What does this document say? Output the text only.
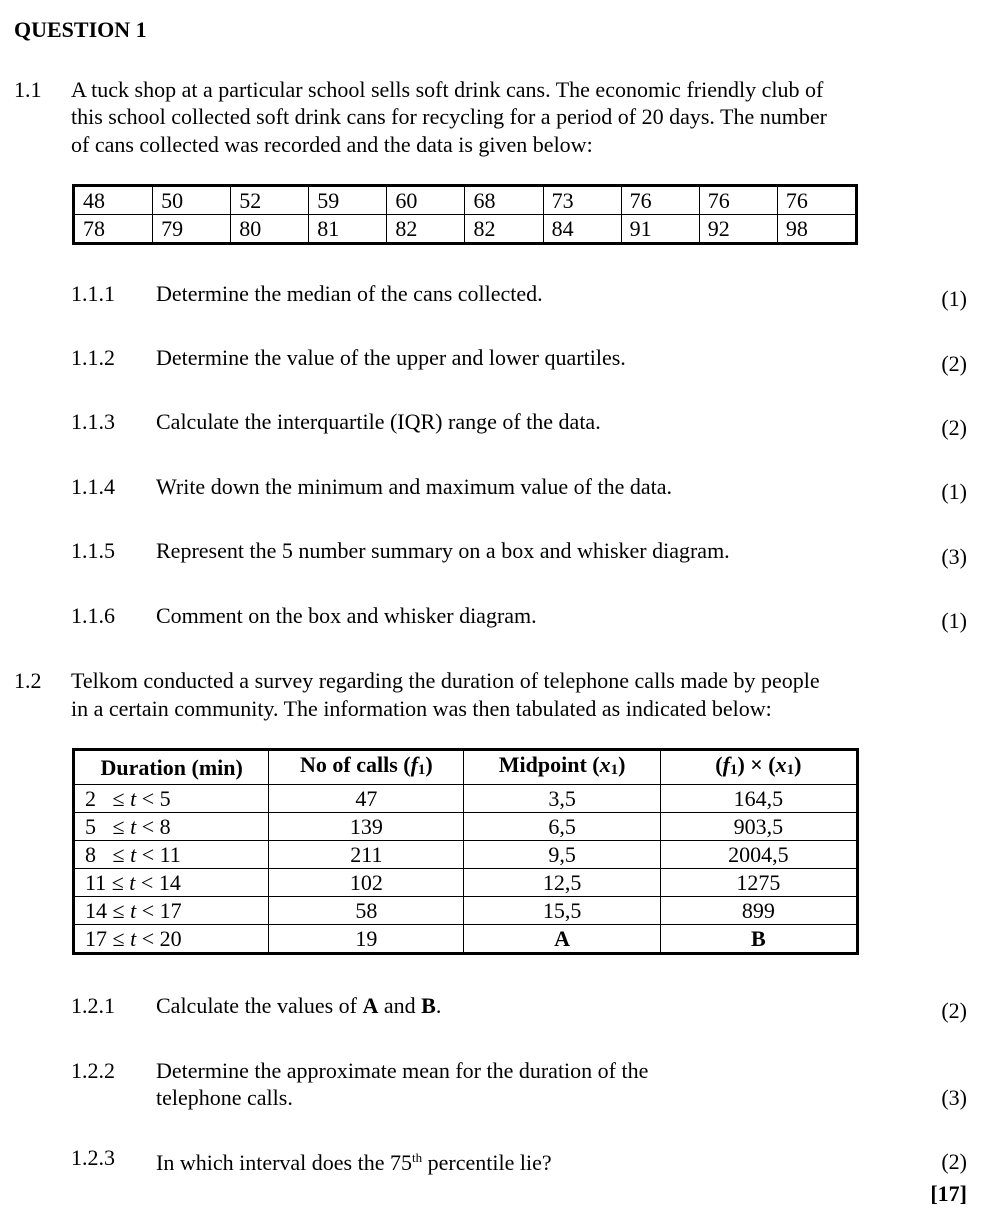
QUESTION 1
1.1 A tuck shop at a particular school sells soft drink cans. The economic friendly club of
this school collected soft drink cans for recycling for a period of 20 days. The number
of cans collected was recorded and the data is given below:
48	50	52	59	60	68	73	76	76	76
78	79	80	81	82	82	84	91	92	98
1.1.1 Determine the median of the cans collected.	(1)
1.1.2 Determine the value of the upper and lower quartiles.	(2)
1.1.3 Calculate the interquartile (IQR) range of the data.	(2)
1.1.4 Write down the minimum and maximum value of the data.	(1)
1.1.5 Represent the 5 number summary on a box and whisker diagram.	(3)
1.1.6 Comment on the box and whisker diagram.	(1)
1.2 Telkom conducted a survey regarding the duration of telephone calls made by people
in a certain community. The information was then tabulated as indicated below:
Duration (min)	No of calls $(f_1)$	Midpoint $(x_1)$	$(f_1) \times (x_1)$
2  ≤ t < 5	47	3,5	164,5
5  ≤ t < 8	139	6,5	903,5
8  ≤ t < 11	211	9,5	2004,5
11 ≤ t < 14	102	12,5	1275
14 ≤ t < 17	58	15,5	899
17 ≤ t < 20	19	A	B
1.2.1 Calculate the values of A and B.	(2)
1.2.2 Determine the approximate mean for the duration of the
telephone calls.	(3)
1.2.3 In which interval does the 75th percentile lie?	(2)
[17]
